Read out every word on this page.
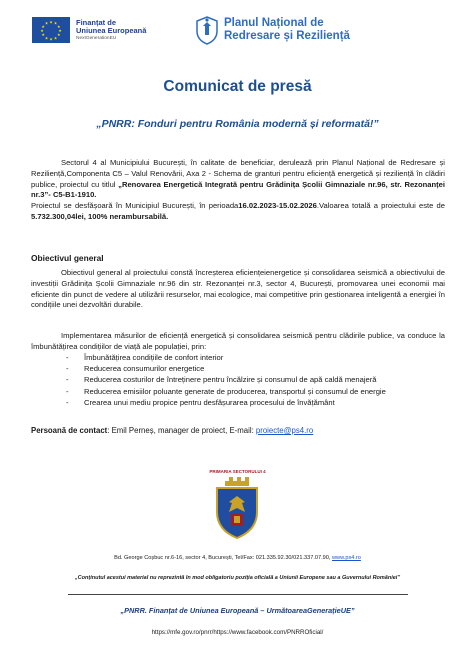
★ ★
★
★
★
★
★
★
★
★
★
★	Finanțat de
Uniunea Europeană
NextGenerationEU
Planul Național de
Redresare și Reziliență
Comunicat de presă
„PNRR: Fonduri pentru România modernă și reformată!”
Sectorul 4 al Municipiului București, în calitate de beneficiar, derulează prin Planul Național de Redresare și Reziliență,Componenta C5 – Valul Renovării, Axa 2 - Schema de granturi pentru eficiență energetică și reziliență în clădiri publice, proiectul cu titlul „Renovarea Energetică Integrată pentru Grădinița Școlii Gimnaziale nr.96, str. Rezonanței nr.3”- C5-B1-1910.
Proiectul se desfășoară în Municipiul București, în perioada16.02.2023-15.02.2026.Valoarea totală a proiectului este de 5.732.300,04lei, 100% nerambursabilă.
Obiectivul general
Obiectivul general al proiectului constă încreșterea eficiențeienergetice și consolidarea seismică a obiectivului de investiții Grădinița Școlii Gimnaziale nr.96 din str. Rezonanței nr.3, sector 4, București, promovarea unei economii mai eficiente din punct de vedere al utilizării resurselor, mai ecologice, mai competitive prin gestionarea inteligentă a energiei în condițiile unei dezvoltări durabile.
Implementarea măsurilor de eficiență energetică și consolidarea seismică pentru clădirile publice, va conduce la îmbunătățirea condițiilor de viață ale populației, prin:
- Îmbunătățirea condițiile de confort interior
- Reducerea consumurilor energetice
- Reducerea costurilor de întreținere pentru încălzire și consumul de apă caldă menajeră
- Reducerea emisiilor poluante generate de producerea, transportul și consumul de energie
- Crearea unui mediu propice pentru desfășurarea procesului de învățământ
Persoană de contact: Emil Perneș, manager de proiect, E-mail: proiecte@ps4.ro
PRIMARIA SECTORULUI 4
Bd. George Coșbuc nr.6-16, sector 4, București, Tel/Fax: 021.335.92.30/021.337.07.90, www.ps4.ro
„Conținutul acestui material nu reprezintă în mod obligatoriu poziția oficială a Uniunii Europene sau a Guvernului României”
„PNRR. Finanțat de Uniunea Europeană – UrmătoareaGenerațieUE”
https://mfe.gov.ro/pnrr/https://www.facebook.com/PNRROficial/
